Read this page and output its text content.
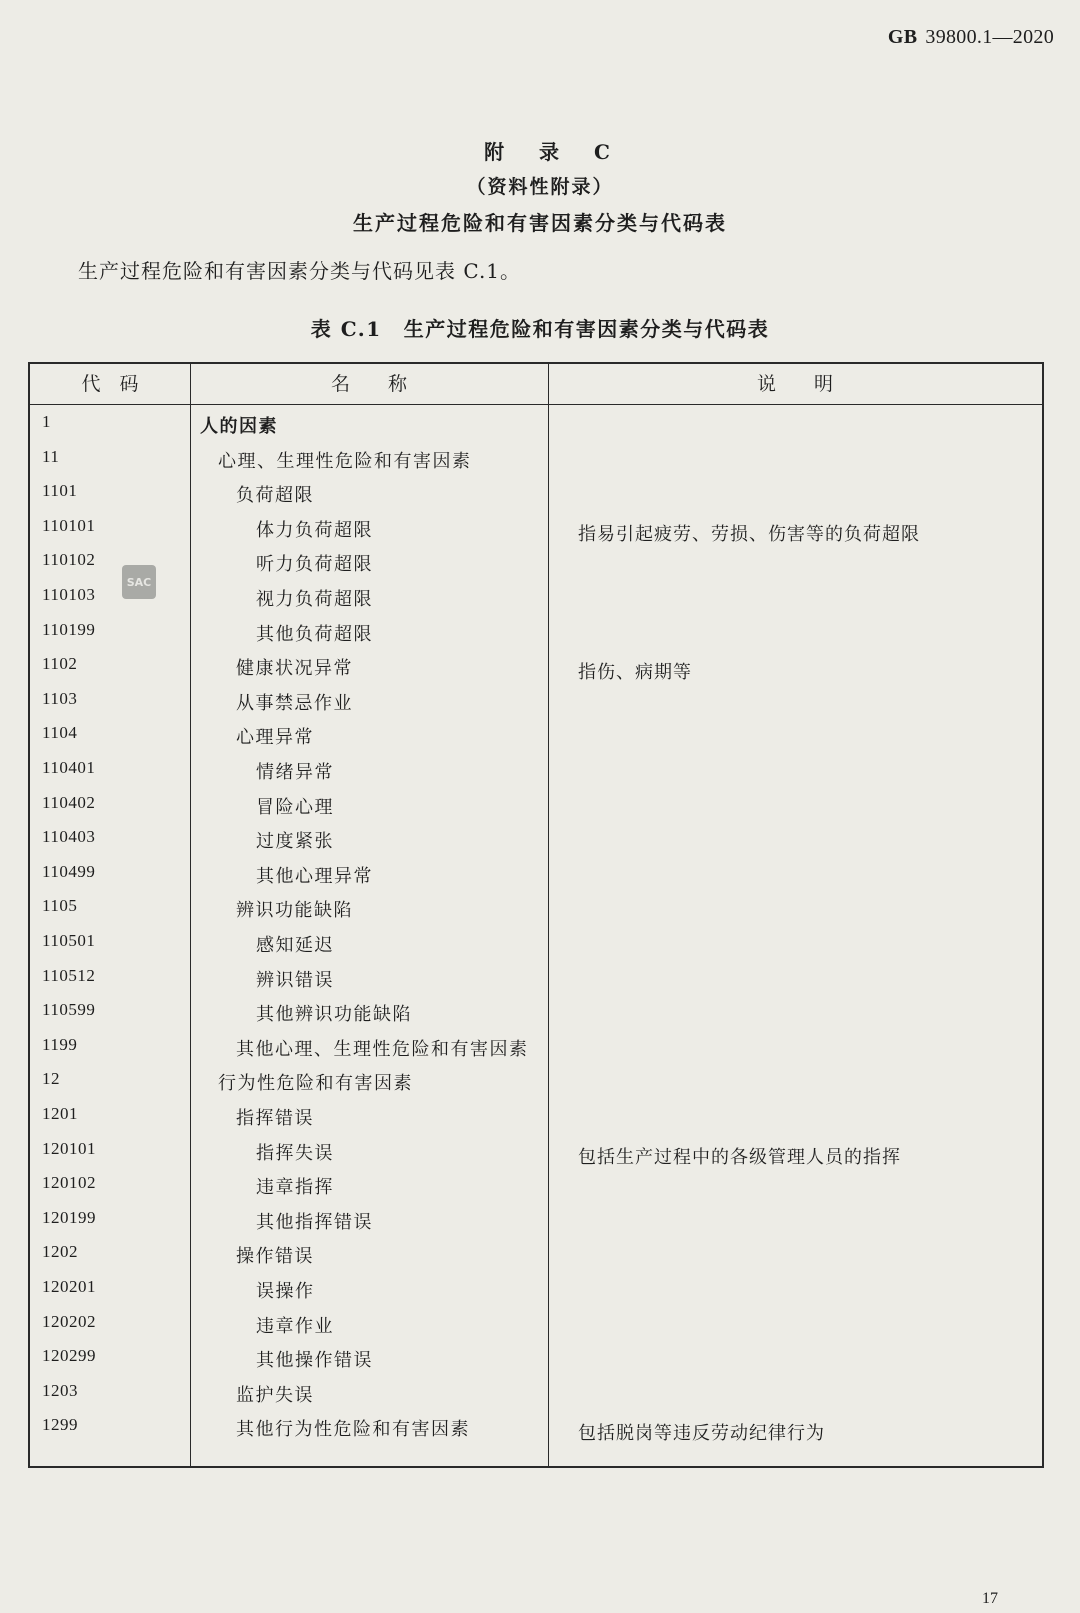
GB 39800.1—2020
附 录 C
（资料性附录）
生产过程危险和有害因素分类与代码表
生产过程危险和有害因素分类与代码见表 C.1。
表 C.1 生产过程危险和有害因素分类与代码表
代　码	名　　称	说　　明
1	人的因素
11	心理、生理性危险和有害因素
1101	负荷超限
110101	体力负荷超限	指易引起疲劳、劳损、伤害等的负荷超限
110102	听力负荷超限
110103	视力负荷超限
110199	其他负荷超限
1102	健康状况异常	指伤、病期等
1103	从事禁忌作业
1104	心理异常
110401	情绪异常
110402	冒险心理
110403	过度紧张
110499	其他心理异常
1105	辨识功能缺陷
110501	感知延迟
110512	辨识错误
110599	其他辨识功能缺陷
1199	其他心理、生理性危险和有害因素
12	行为性危险和有害因素
1201	指挥错误
120101	指挥失误	包括生产过程中的各级管理人员的指挥
120102	违章指挥
120199	其他指挥错误
1202	操作错误
120201	误操作
120202	违章作业
120299	其他操作错误
1203	监护失误
1299	其他行为性危险和有害因素	包括脱岗等违反劳动纪律行为
SAC
17
